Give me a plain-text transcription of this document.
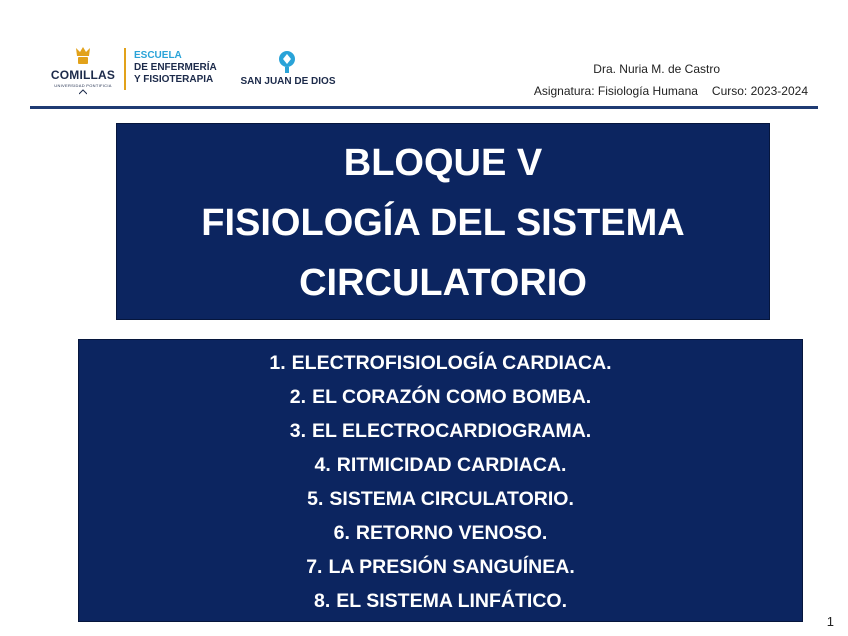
COMILLAS
UNIVERSIDAD PONTIFICIA
ESCUELA
DE ENFERMERÍA
Y FISIOTERAPIA	SAN JUAN DE DIOS
Dra. Nuria M. de Castro
Asignatura: Fisiología Humana Curso: 2023-2024
BLOQUE V
FISIOLOGÍA DEL SISTEMA
CIRCULATORIO
1. ELECTROFISIOLOGÍA CARDIACA.
2. EL CORAZÓN COMO BOMBA.
3. EL ELECTROCARDIOGRAMA.
4. RITMICIDAD CARDIACA.
5. SISTEMA CIRCULATORIO.
6. RETORNO VENOSO.
7. LA PRESIÓN SANGUÍNEA.
8. EL SISTEMA LINFÁTICO.
1
